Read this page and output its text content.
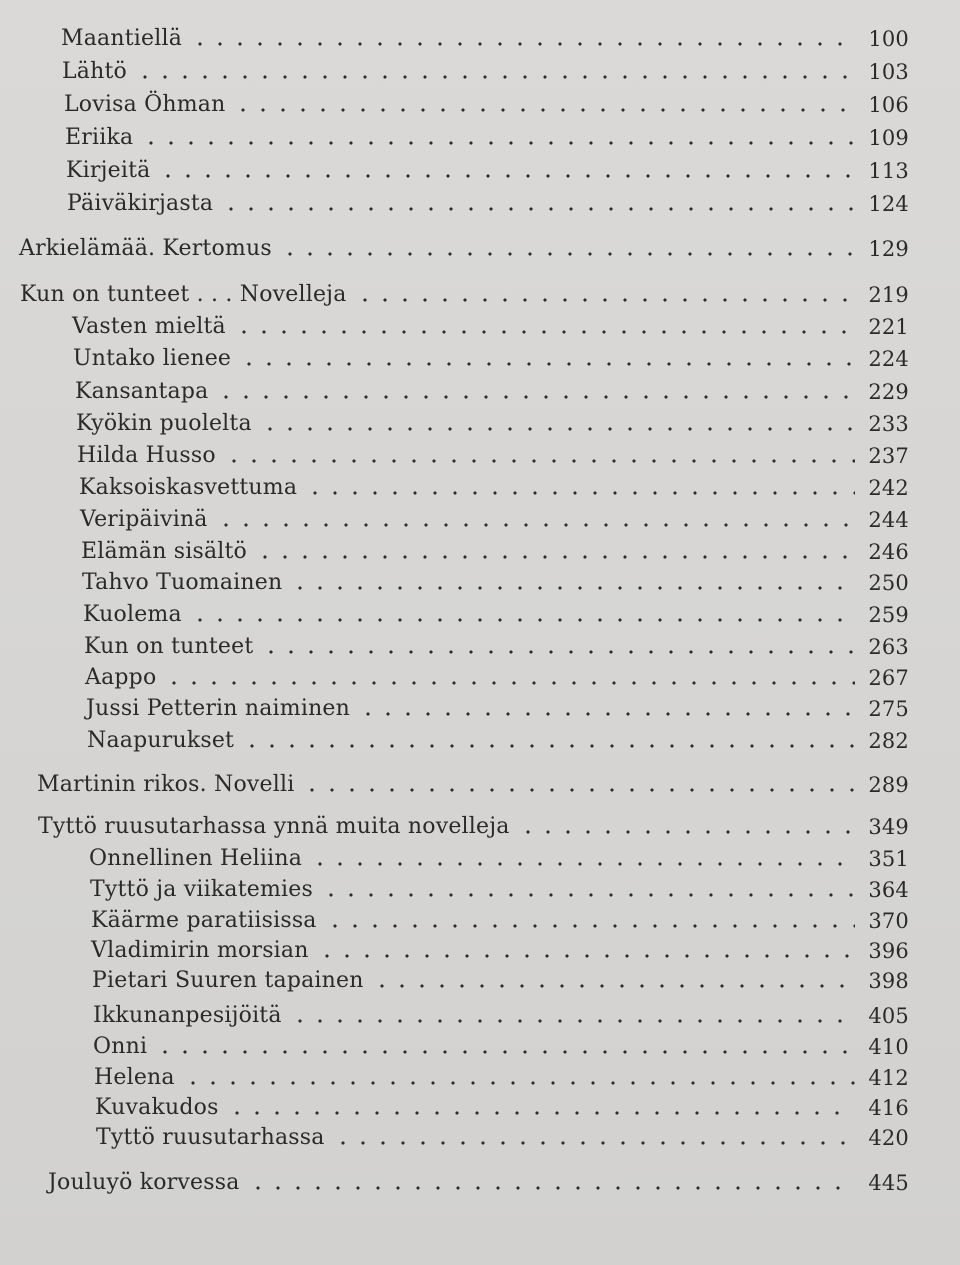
Maantiellä	100
Lähtö	103
Lovisa Öhman	106
Eriika	109
Kirjeitä	113
Päiväkirjasta	124
Arkielämää. Kertomus	129
Kun on tunteet . . . Novelleja	219
Vasten mieltä	221
Untako lienee	224
Kansantapa	229
Kyökin puolelta	233
Hilda Husso	237
Kaksoiskasvettuma	242
Veripäivinä	244
Elämän sisältö	246
Tahvo Tuomainen	250
Kuolema	259
Kun on tunteet	263
Aappo	267
Jussi Petterin naiminen	275
Naapurukset	282
Martinin rikos. Novelli	289
Tyttö ruusutarhassa ynnä muita novelleja	349
Onnellinen Heliina	351
Tyttö ja viikatemies	364
Käärme paratiisissa	370
Vladimirin morsian	396
Pietari Suuren tapainen	398
Ikkunanpesijöitä	405
Onni	410
Helena	412
Kuvakudos	416
Tyttö ruusutarhassa	420
Jouluyö korvessa	445
